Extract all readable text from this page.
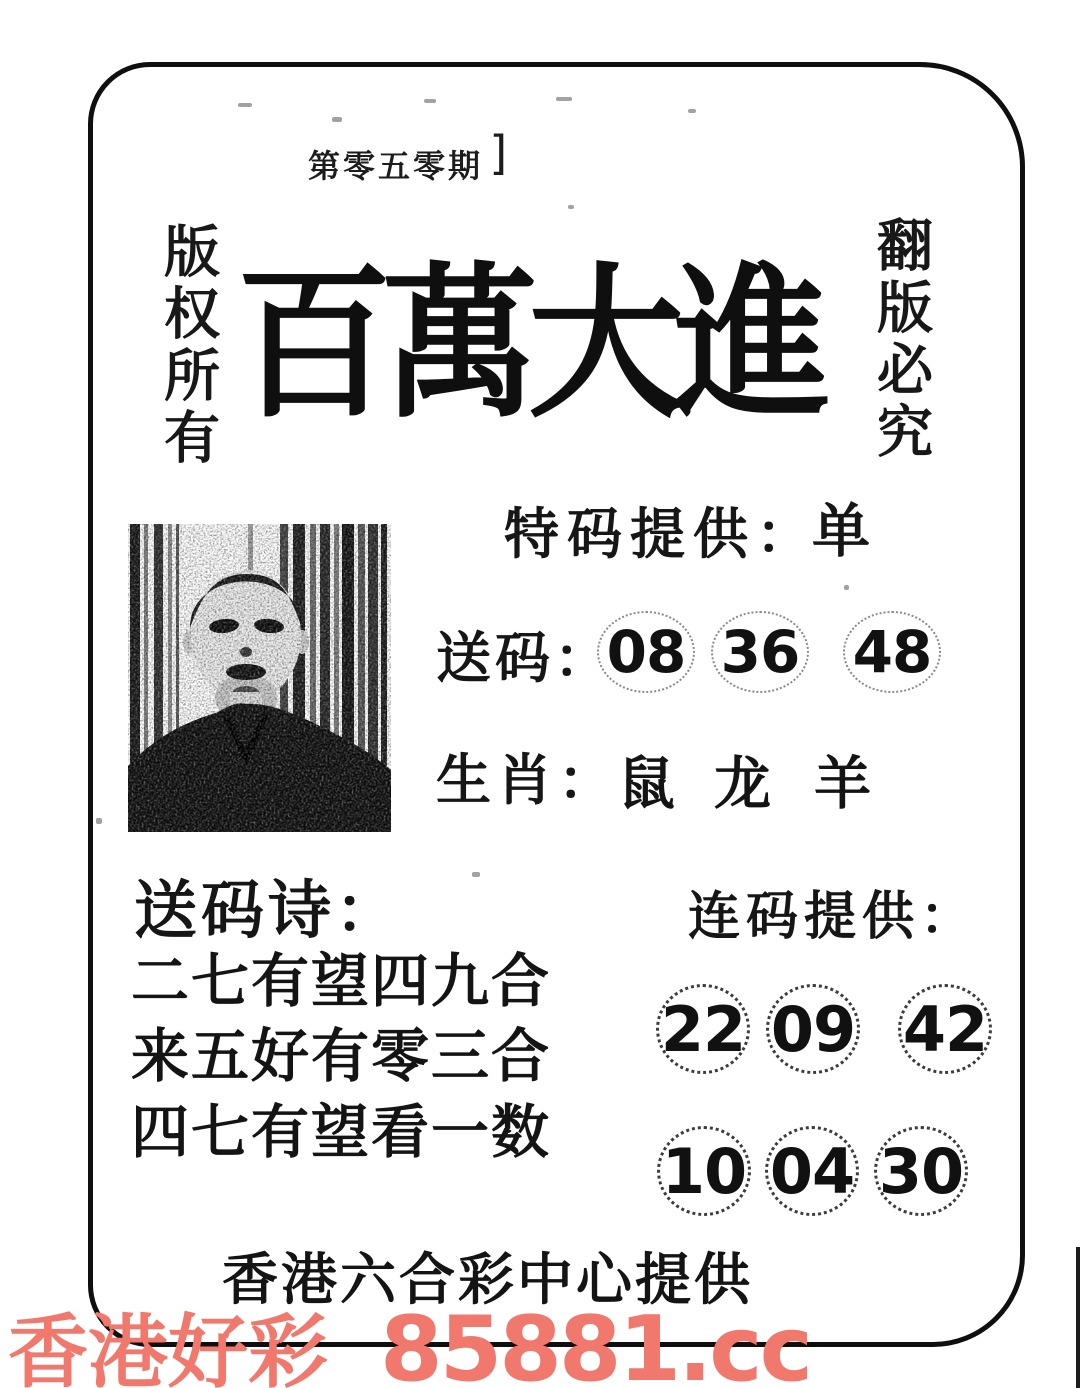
第零五零期 ]
版权所有	翻版必究
百萬大進
特码提供：
单
送码：
08 36 48
生肖：
鼠 龙 羊
送码诗：
二七有望四九合
来五好有零三合
四七有望看一数
连码提供：
22 09 42
10 04 30
香港六合彩中心提供
香港好彩 85881.cc
